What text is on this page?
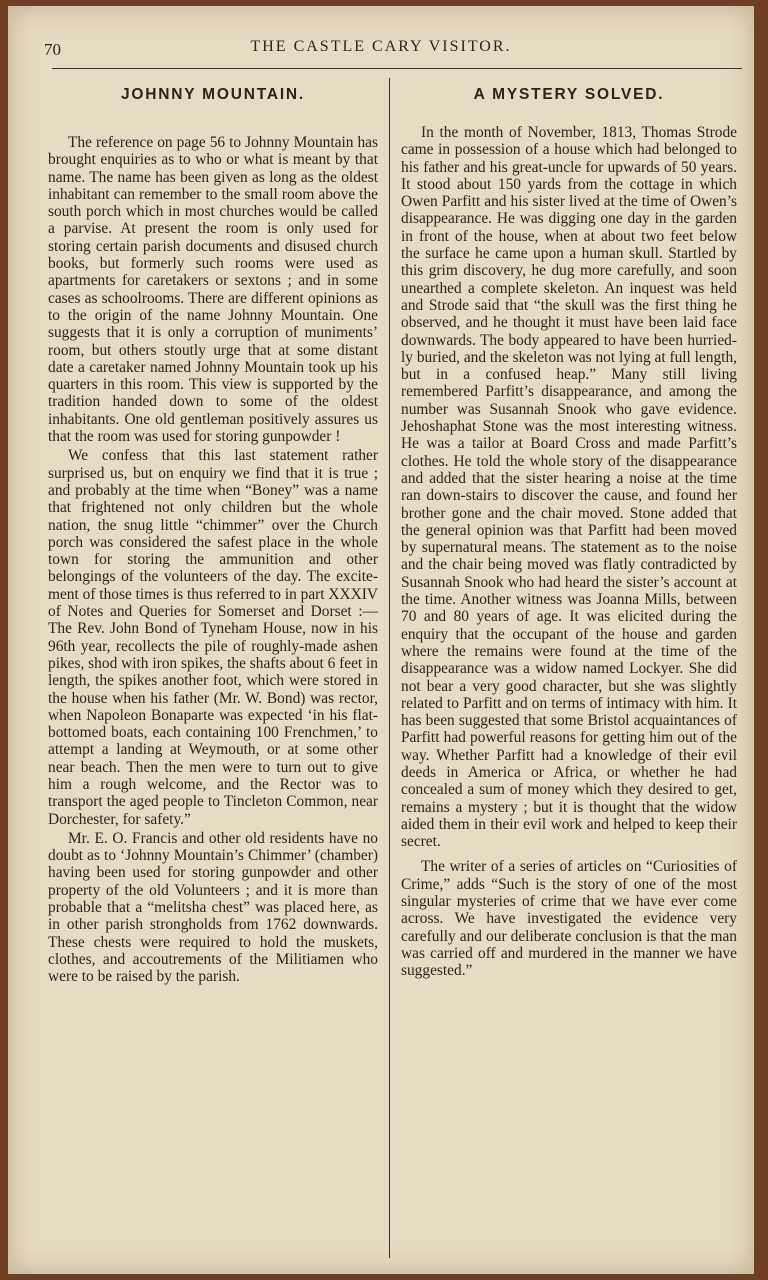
70	THE CASTLE CARY VISITOR.
JOHNNY MOUNTAIN.

The reference on page 56 to Johnny Mountain has brought enquiries as to who or what is meant by that name. The name has been given as long as the oldest inhabitant can remember to the small room above the south porch which in most churches would be called a parvise. At present the room is only used for storing certain parish documents and disused church books, but formerly such rooms were used as apartments for caretakers or sextons ; and in some cases as schoolrooms. There are different opinions as to the origin of the name Johnny Mountain. One suggests that it is only a corruption of muniments’ room, but others stoutly urge that at some distant date a caretaker named Johnny Mountain took up his quarters in this room. This view is supported by the tradition handed down to some of the oldest inhabitants. One old gentleman positively assures us that the room was used for storing gunpowder !

We confess that this last statement rather surprised us, but on enquiry we find that it is true ; and probably at the time when “Boney” was a name that frightened not only children but the whole nation, the snug little “chimmer” over the Church porch was considered the safest place in the whole town for storing the ammunition and other belongings of the volunteers of the day. The excitement of those times is thus referred to in part XXXIV of Notes and Queries for Somerset and Dorset :—The Rev. John Bond of Tyneham House, now in his 96th year, recollects the pile of roughly-made ashen pikes, shod with iron spikes, the shafts about 6 feet in length, the spikes another foot, which were stored in the house when his father (Mr. W. Bond) was rector, when Napoleon Bonaparte was expected ‘in his flat-bottomed boats, each containing 100 Frenchmen,’ to attempt a landing at Weymouth, or at some other near beach. Then the men were to turn out to give him a rough welcome, and the Rector was to transport the aged people to Tincleton Common, near Dorchester, for safety.”

Mr. E. O. Francis and other old residents have no doubt as to ‘Johnny Mountain’s Chimmer’ (chamber) having been used for storing gunpowder and other property of the old Volunteers ; and it is more than probable that a “melitsha chest” was placed here, as in other parish strongholds from 1762 downwards. These chests were required to hold the muskets, clothes, and accoutrements of the Militiamen who were to be raised by the parish.

A MYSTERY SOLVED.

In the month of November, 1813, Thomas Strode came in possession of a house which had belonged to his father and his great-uncle for upwards of 50 years. It stood about 150 yards from the cottage in which Owen Parfitt and his sister lived at the time of Owen’s disappearance. He was digging one day in the garden in front of the house, when at about two feet below the surface he came upon a human skull. Startled by this grim discovery, he dug more carefully, and soon unearthed a complete skeleton. An inquest was held and Strode said that “the skull was the first thing he observed, and he thought it must have been laid face downwards. The body appeared to have been hurriedly buried, and the skeleton was not lying at full length, but in a confused heap.” Many still living remembered Parfitt’s disappearance, and among the number was Susannah Snook who gave evidence. Jehoshaphat Stone was the most interesting witness. He was a tailor at Board Cross and made Parfitt’s clothes. He told the whole story of the disappearance and added that the sister hearing a noise at the time ran down-stairs to discover the cause, and found her brother gone and the chair moved. Stone added that the general opinion was that Parfitt had been moved by supernatural means. The statement as to the noise and the chair being moved was flatly contradicted by Susannah Snook who had heard the sister’s account at the time. Another witness was Joanna Mills, between 70 and 80 years of age. It was elicited during the enquiry that the occupant of the house and garden where the remains were found at the time of the disappearance was a widow named Lockyer. She did not bear a very good character, but she was slightly related to Parfitt and on terms of intimacy with him. It has been suggested that some Bristol acquaintances of Parfitt had powerful reasons for getting him out of the way. Whether Parfitt had a knowledge of their evil deeds in America or Africa, or whether he had concealed a sum of money which they desired to get, remains a mystery ; but it is thought that the widow aided them in their evil work and helped to keep their secret.

The writer of a series of articles on “Curiosities of Crime,” adds “Such is the story of one of the most singular mysteries of crime that we have ever come across. We have investigated the evidence very carefully and our deliberate conclusion is that the man was carried off and murdered in the manner we have suggested.”
